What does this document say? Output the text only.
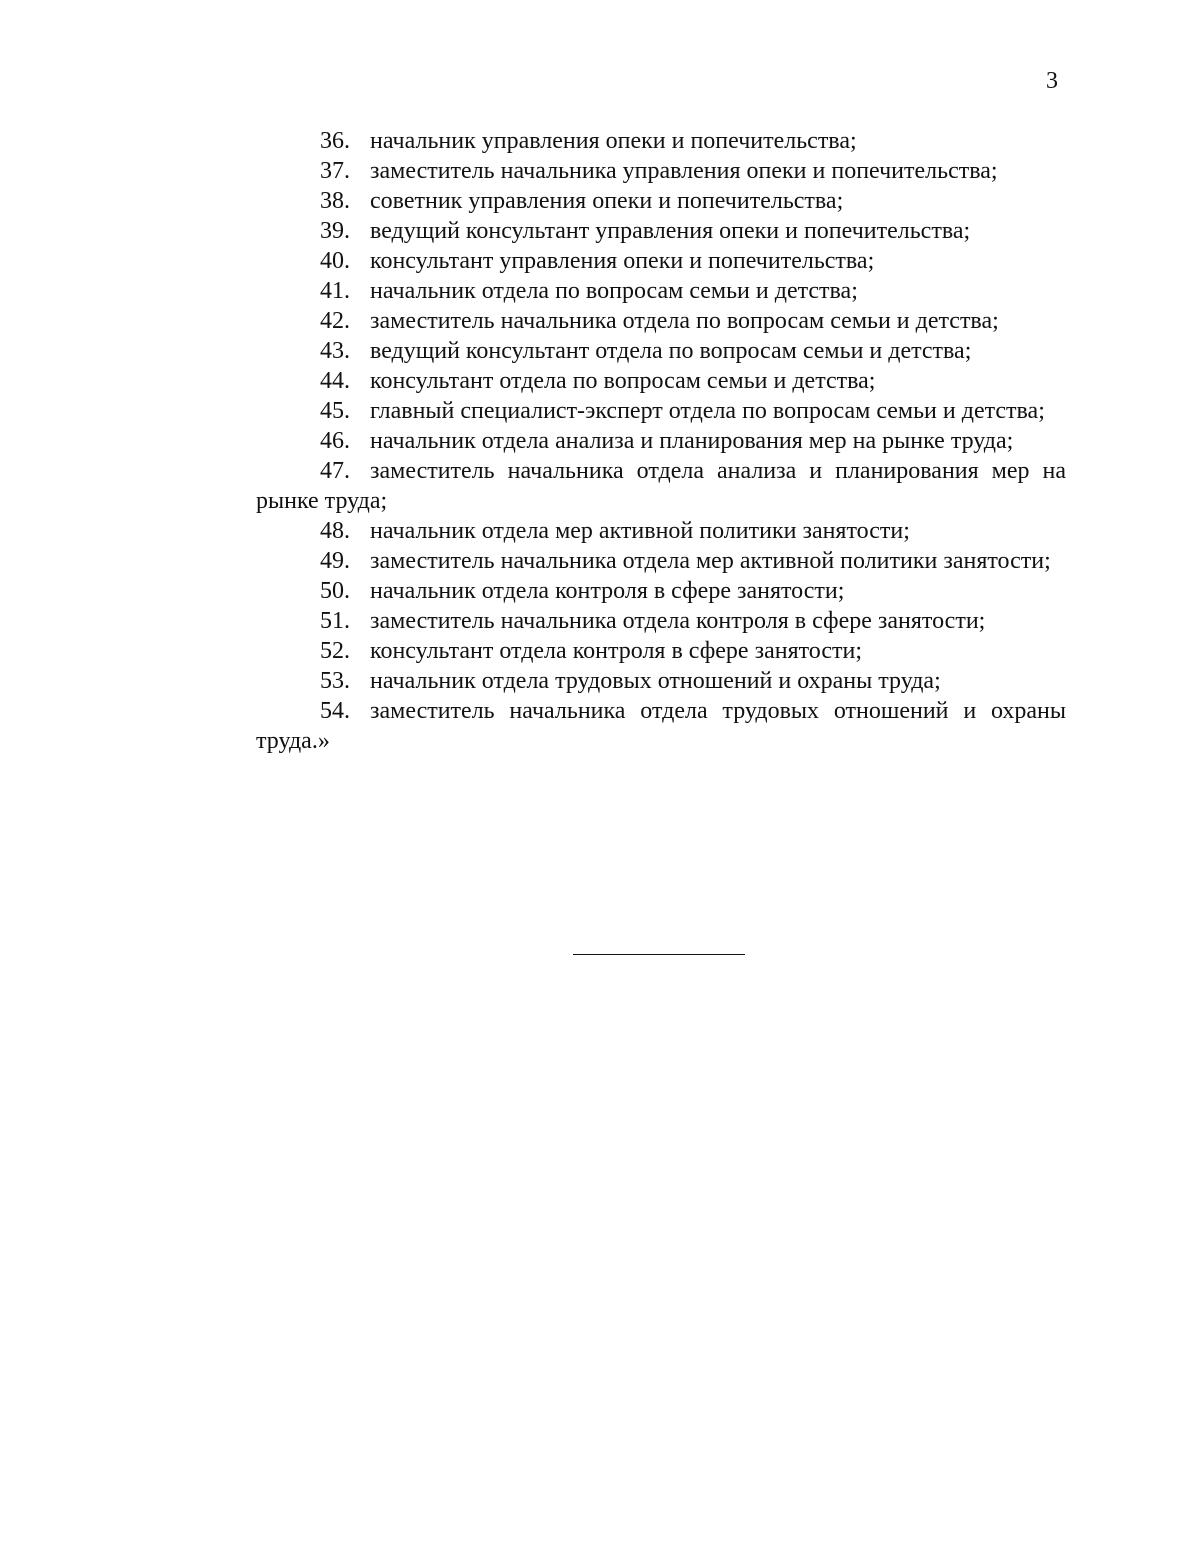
3
36. начальник управления опеки и попечительства;
37. заместитель начальника управления опеки и попечительства;
38. советник управления опеки и попечительства;
39. ведущий консультант управления опеки и попечительства;
40. консультант управления опеки и попечительства;
41. начальник отдела по вопросам семьи и детства;
42. заместитель начальника отдела по вопросам семьи и детства;
43. ведущий консультант отдела по вопросам семьи и детства;
44. консультант отдела по вопросам семьи и детства;
45. главный специалист-эксперт отдела по вопросам семьи и детства;
46. начальник отдела анализа и планирования мер на рынке труда;
47. заместитель начальника отдела анализа и планирования мер на рынке труда;
48. начальник отдела мер активной политики занятости;
49. заместитель начальника отдела мер активной политики занятости;
50. начальник отдела контроля в сфере занятости;
51. заместитель начальника отдела контроля в сфере занятости;
52. консультант отдела контроля в сфере занятости;
53. начальник отдела трудовых отношений и охраны труда;
54. заместитель начальника отдела трудовых отношений и охраны труда.»
